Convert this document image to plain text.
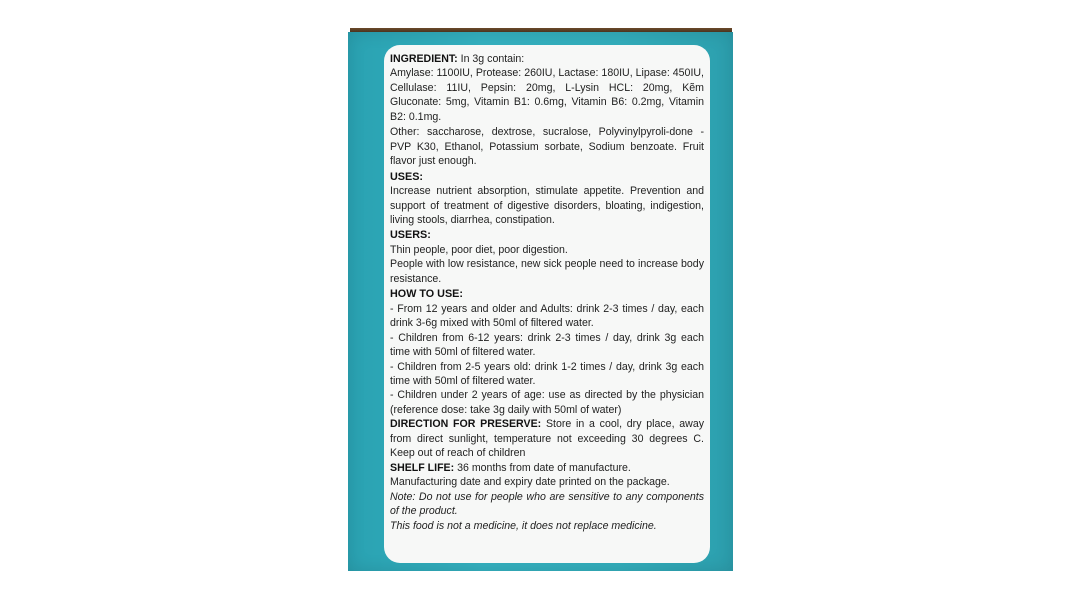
INGREDIENT: In 3g contain:

Amylase: 1100IU, Protease: 260IU, Lactase: 180IU, Lipase: 450IU, Cellulase: 11IU, Pepsin: 20mg, L-Lysin HCL: 20mg, Kẽm Gluconate: 5mg, Vitamin B1: 0.6mg, Vitamin B6: 0.2mg, Vitamin B2: 0.1mg.

Other: saccharose, dextrose, sucralose, Polyvinylpyroli-done - PVP K30, Ethanol, Potassium sorbate, Sodium benzoate. Fruit flavor just enough.

USES:

Increase nutrient absorption, stimulate appetite. Prevention and support of treatment of digestive disorders, bloating, indigestion, living stools, diarrhea, constipation.

USERS:

Thin people, poor diet, poor digestion.

People with low resistance, new sick people need to increase body resistance.

HOW TO USE:

- From 12 years and older and Adults: drink 2-3 times / day, each drink 3-6g mixed with 50ml of filtered water.

- Children from 6-12 years: drink 2-3 times / day, drink 3g each time with 50ml of filtered water.

- Children from 2-5 years old: drink 1-2 times / day, drink 3g each time with 50ml of filtered water.

- Children under 2 years of age: use as directed by the physician (reference dose: take 3g daily with 50ml of water)

DIRECTION FOR PRESERVE: Store in a cool, dry place, away from direct sunlight, temperature not exceeding 30 degrees C. Keep out of reach of children

SHELF LIFE: 36 months from date of manufacture.

Manufacturing date and expiry date printed on the package.

Note: Do not use for people who are sensitive to any components of the product.

This food is not a medicine, it does not replace medicine.
